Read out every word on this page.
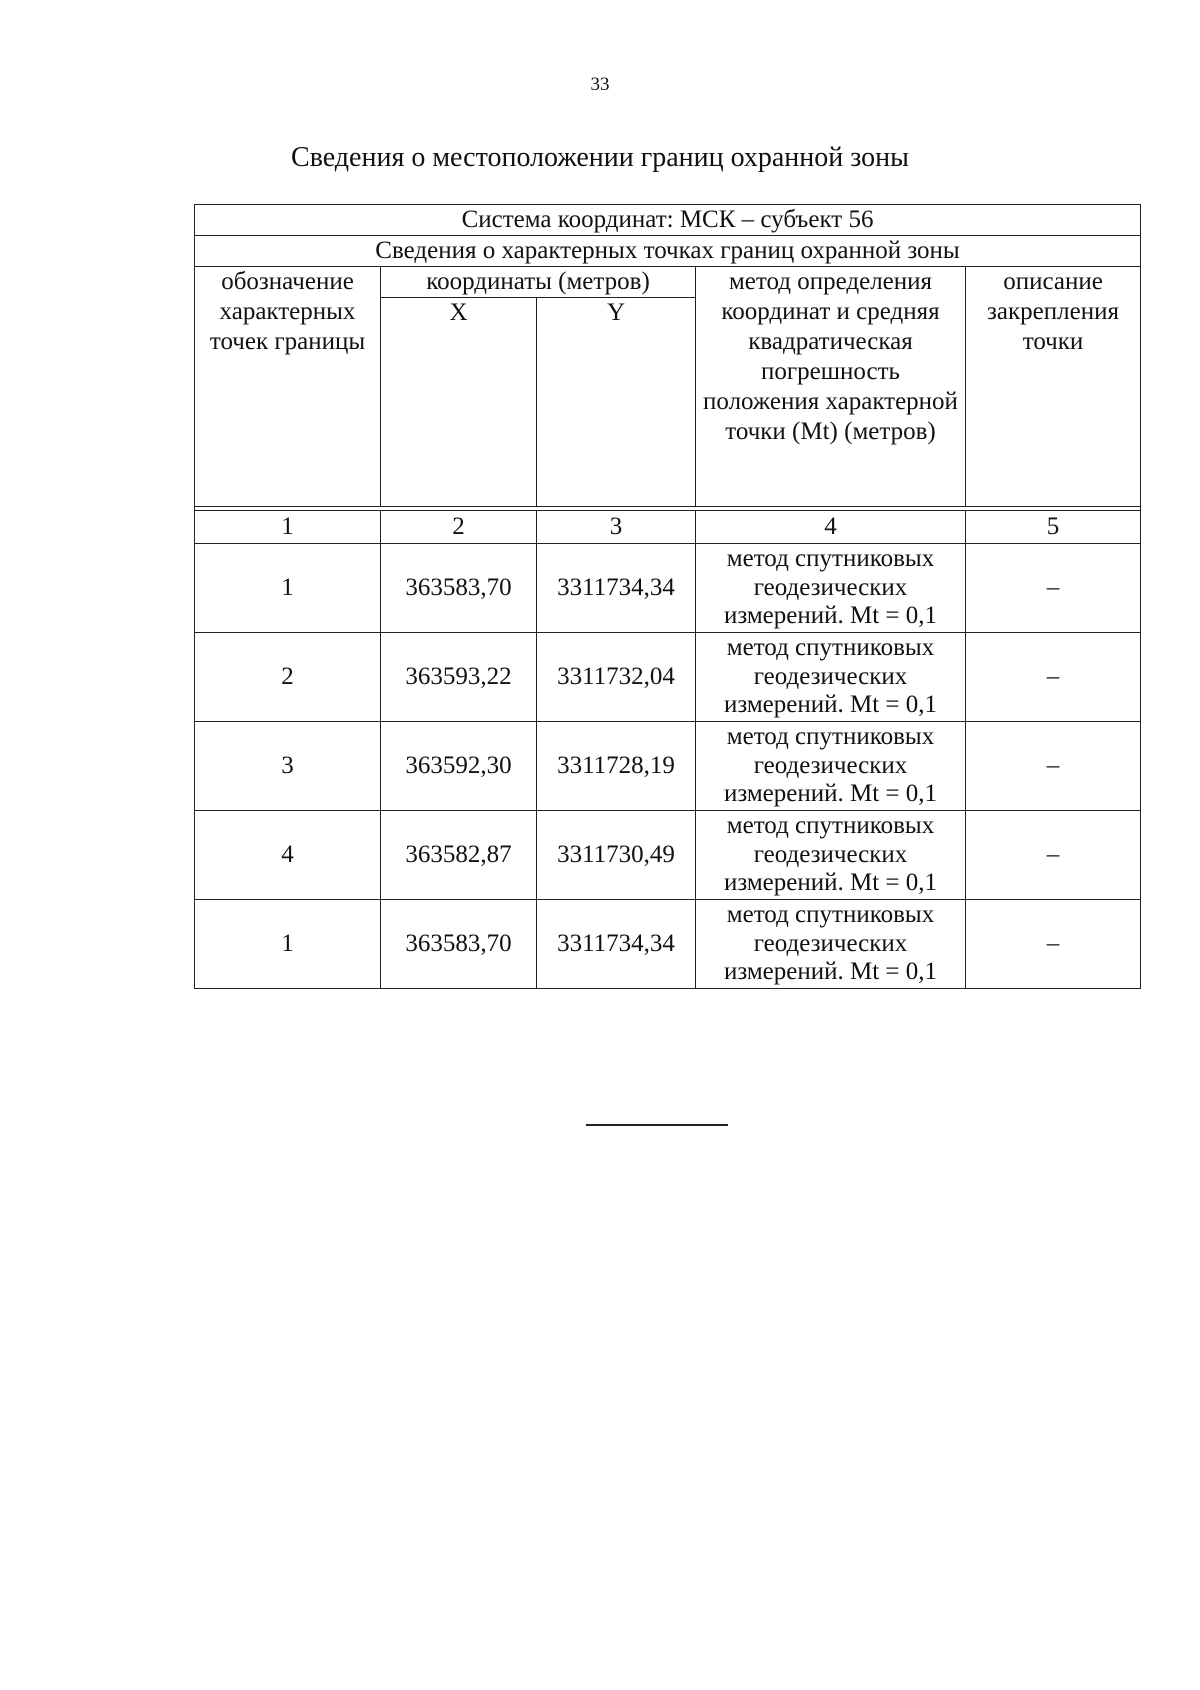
33
Сведения о местоположении границ охранной зоны
Система координат: МСК – субъект 56				
Сведения о характерных точках границ охранной зоны				
обозначение характерных точек границы	координаты (метров)		метод определения координат и средняя квадратическая погрешность положения характерной точки (Mt) (метров)	описание закрепления точки
	X	Y		

1	2	3	4	5
1	363583,70	3311734,34	метод спутниковых геодезических измерений. Mt = 0,1	–
2	363593,22	3311732,04	метод спутниковых геодезических измерений. Mt = 0,1	–
3	363592,30	3311728,19	метод спутниковых геодезических измерений. Mt = 0,1	–
4	363582,87	3311730,49	метод спутниковых геодезических измерений. Mt = 0,1	–
1	363583,70	3311734,34	метод спутниковых геодезических измерений. Mt = 0,1	–
